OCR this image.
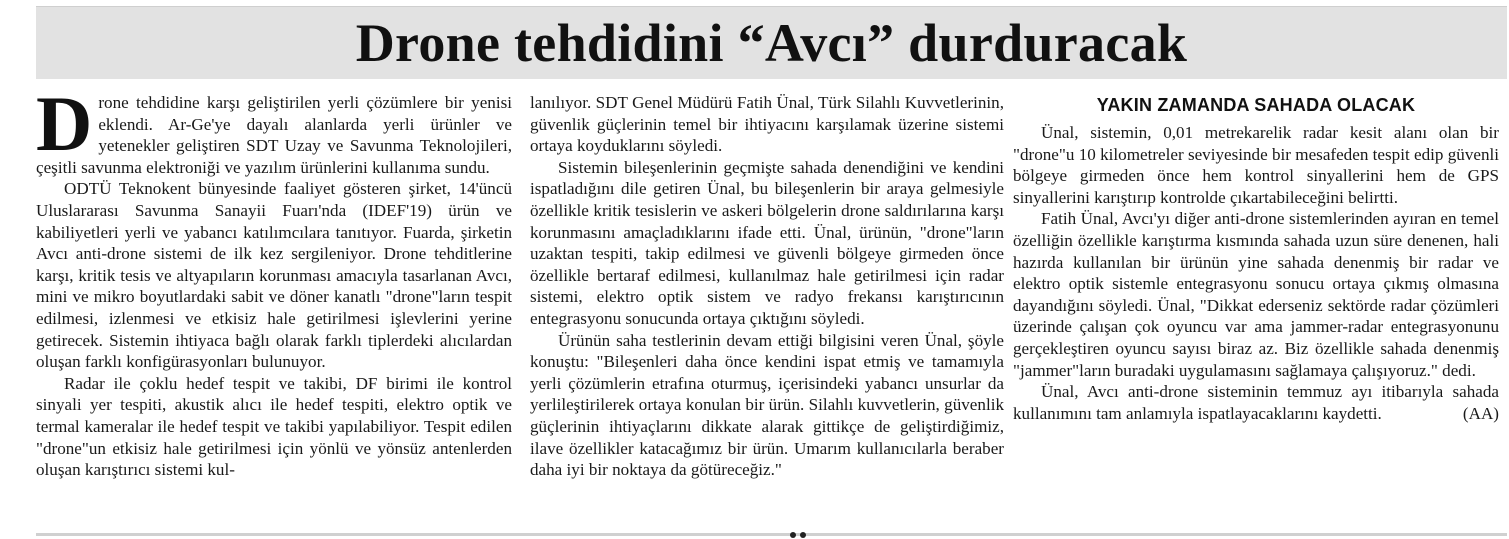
Drone tehdidini “Avcı” durduracak

Drone tehdidine karşı geliştirilen yerli çözümlere bir yenisi eklendi. Ar-Ge'ye dayalı alanlarda yerli ürünler ve yetenekler geliştiren SDT Uzay ve Savunma Teknolojileri, çeşitli savunma elektroniği ve yazılım ürünlerini kullanıma sundu.

ODTÜ Teknokent bünyesinde faaliyet gösteren şirket, 14'üncü Uluslararası Savunma Sanayii Fuarı'nda (IDEF'19) ürün ve kabiliyetleri yerli ve yabancı katılımcılara tanıtıyor. Fuarda, şirketin Avcı anti-drone sistemi de ilk kez sergileniyor. Drone tehditlerine karşı, kritik tesis ve altyapıların korunması amacıyla tasarlanan Avcı, mini ve mikro boyutlardaki sabit ve döner kanatlı "drone"ların tespit edilmesi, izlenmesi ve etkisiz hale getirilmesi işlevlerini yerine getirecek. Sistemin ihtiyaca bağlı olarak farklı tiplerdeki alıcılardan oluşan farklı konfigürasyonları bulunuyor.

Radar ile çoklu hedef tespit ve takibi, DF birimi ile kontrol sinyali yer tespiti, akustik alıcı ile hedef tespiti, elektro optik ve termal kameralar ile hedef tespit ve takibi yapılabiliyor. Tespit edilen "drone"un etkisiz hale getirilmesi için yönlü ve yönsüz antenlerden oluşan karıştırıcı sistemi kul-

lanılıyor. SDT Genel Müdürü Fatih Ünal, Türk Silahlı Kuvvetlerinin, güvenlik güçlerinin temel bir ihtiyacını karşılamak üzerine sistemi ortaya koyduklarını söyledi.

Sistemin bileşenlerinin geçmişte sahada denendiğini ve kendini ispatladığını dile getiren Ünal, bu bileşenlerin bir araya gelmesiyle özellikle kritik tesislerin ve askeri bölgelerin drone saldırılarına karşı korunmasını amaçladıklarını ifade etti. Ünal, ürünün, "drone"ların uzaktan tespiti, takip edilmesi ve güvenli bölgeye girmeden önce özellikle bertaraf edilmesi, kullanılmaz hale getirilmesi için radar sistemi, elektro optik sistem ve radyo frekansı karıştırıcının entegrasyonu sonucunda ortaya çıktığını söyledi.

Ürünün saha testlerinin devam ettiği bilgisini veren Ünal, şöyle konuştu: "Bileşenleri daha önce kendini ispat etmiş ve tamamıyla yerli çözümlerin etrafına oturmuş, içerisindeki yabancı unsurlar da yerlileştirilerek ortaya konulan bir ürün. Silahlı kuvvetlerin, güvenlik güçlerinin ihtiyaçlarını dikkate alarak gittikçe de geliştirdiğimiz, ilave özellikler katacağımız bir ürün. Umarım kullanıcılarla beraber daha iyi bir noktaya da götüreceğiz."

YAKIN ZAMANDA SAHADA OLACAK

Ünal, sistemin, 0,01 metrekarelik radar kesit alanı olan bir "drone"u 10 kilometreler seviyesinde bir mesafeden tespit edip güvenli bölgeye girmeden önce hem kontrol sinyallerini hem de GPS sinyallerini karıştırıp kontrolde çıkartabileceğini belirtti.

Fatih Ünal, Avcı'yı diğer anti-drone sistemlerinden ayıran en temel özelliğin özellikle karıştırma kısmında sahada uzun süre denenen, hali hazırda kullanılan bir ürünün yine sahada denenmiş bir radar ve elektro optik sistemle entegrasyonu sonucu ortaya çıkmış olmasına dayandığını söyledi. Ünal, "Dikkat ederseniz sektörde radar çözümleri üzerinde çalışan çok oyuncu var ama jammer-radar entegrasyonunu gerçekleştiren oyuncu sayısı biraz az. Biz özellikle sahada denenmiş "jammer"ların buradaki uygulamasını sağlamaya çalışıyoruz." dedi.

Ünal, Avcı anti-drone sisteminin temmuz ayı itibarıyla sahada kullanımını tam anlamıyla ispatlayacaklarını kaydetti.	(AA)
